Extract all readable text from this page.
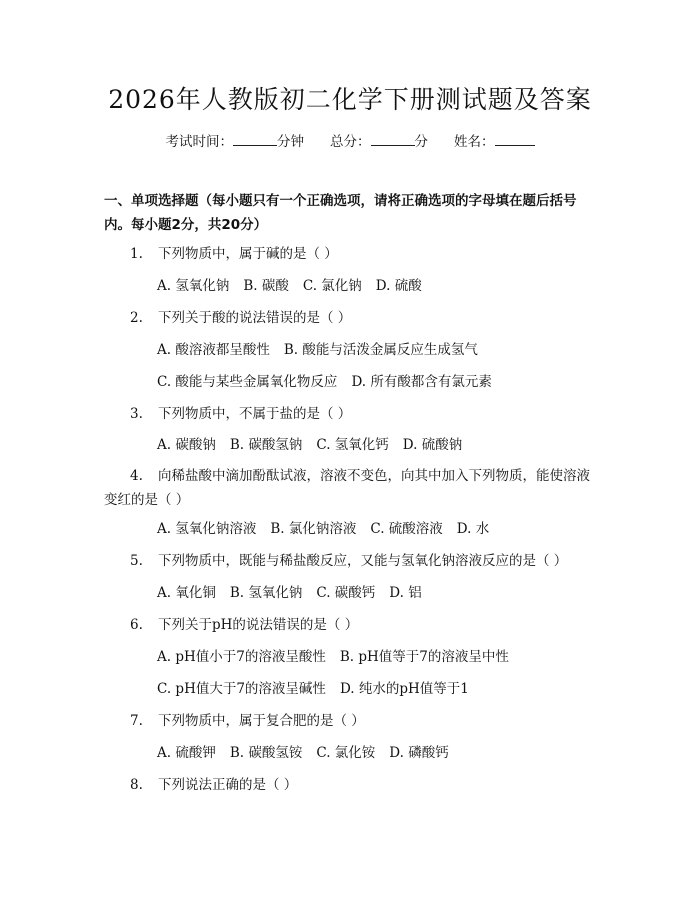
2026年人教版初二化学下册测试题及答案
考试时间：	分钟 总分：	分 姓名：
一、单项选择题（每小题只有一个正确选项，请将正确选项的字母填在题后括号内。每小题2分，共20分）
1. 下列物质中，属于碱的是（ ）
A. 氢氧化钠 B. 碳酸 C. 氯化钠 D. 硫酸
2. 下列关于酸的说法错误的是（ ）
A. 酸溶液都呈酸性 B. 酸能与活泼金属反应生成氢气
C. 酸能与某些金属氧化物反应 D. 所有酸都含有氯元素
3. 下列物质中，不属于盐的是（ ）
A. 碳酸钠 B. 碳酸氢钠 C. 氢氧化钙 D. 硫酸钠
4. 向稀盐酸中滴加酚酞试液，溶液不变色，向其中加入下列物质，能使溶液变红的是（ ）
A. 氢氧化钠溶液 B. 氯化钠溶液 C. 硫酸溶液 D. 水
5. 下列物质中，既能与稀盐酸反应，又能与氢氧化钠溶液反应的是（ ）
A. 氧化铜 B. 氢氧化钠 C. 碳酸钙 D. 铝
6. 下列关于pH的说法错误的是（ ）
A. pH值小于7的溶液呈酸性 B. pH值等于7的溶液呈中性
C. pH值大于7的溶液呈碱性 D. 纯水的pH值等于1
7. 下列物质中，属于复合肥的是（ ）
A. 硫酸钾 B. 碳酸氢铵 C. 氯化铵 D. 磷酸钙
8. 下列说法正确的是（ ）
